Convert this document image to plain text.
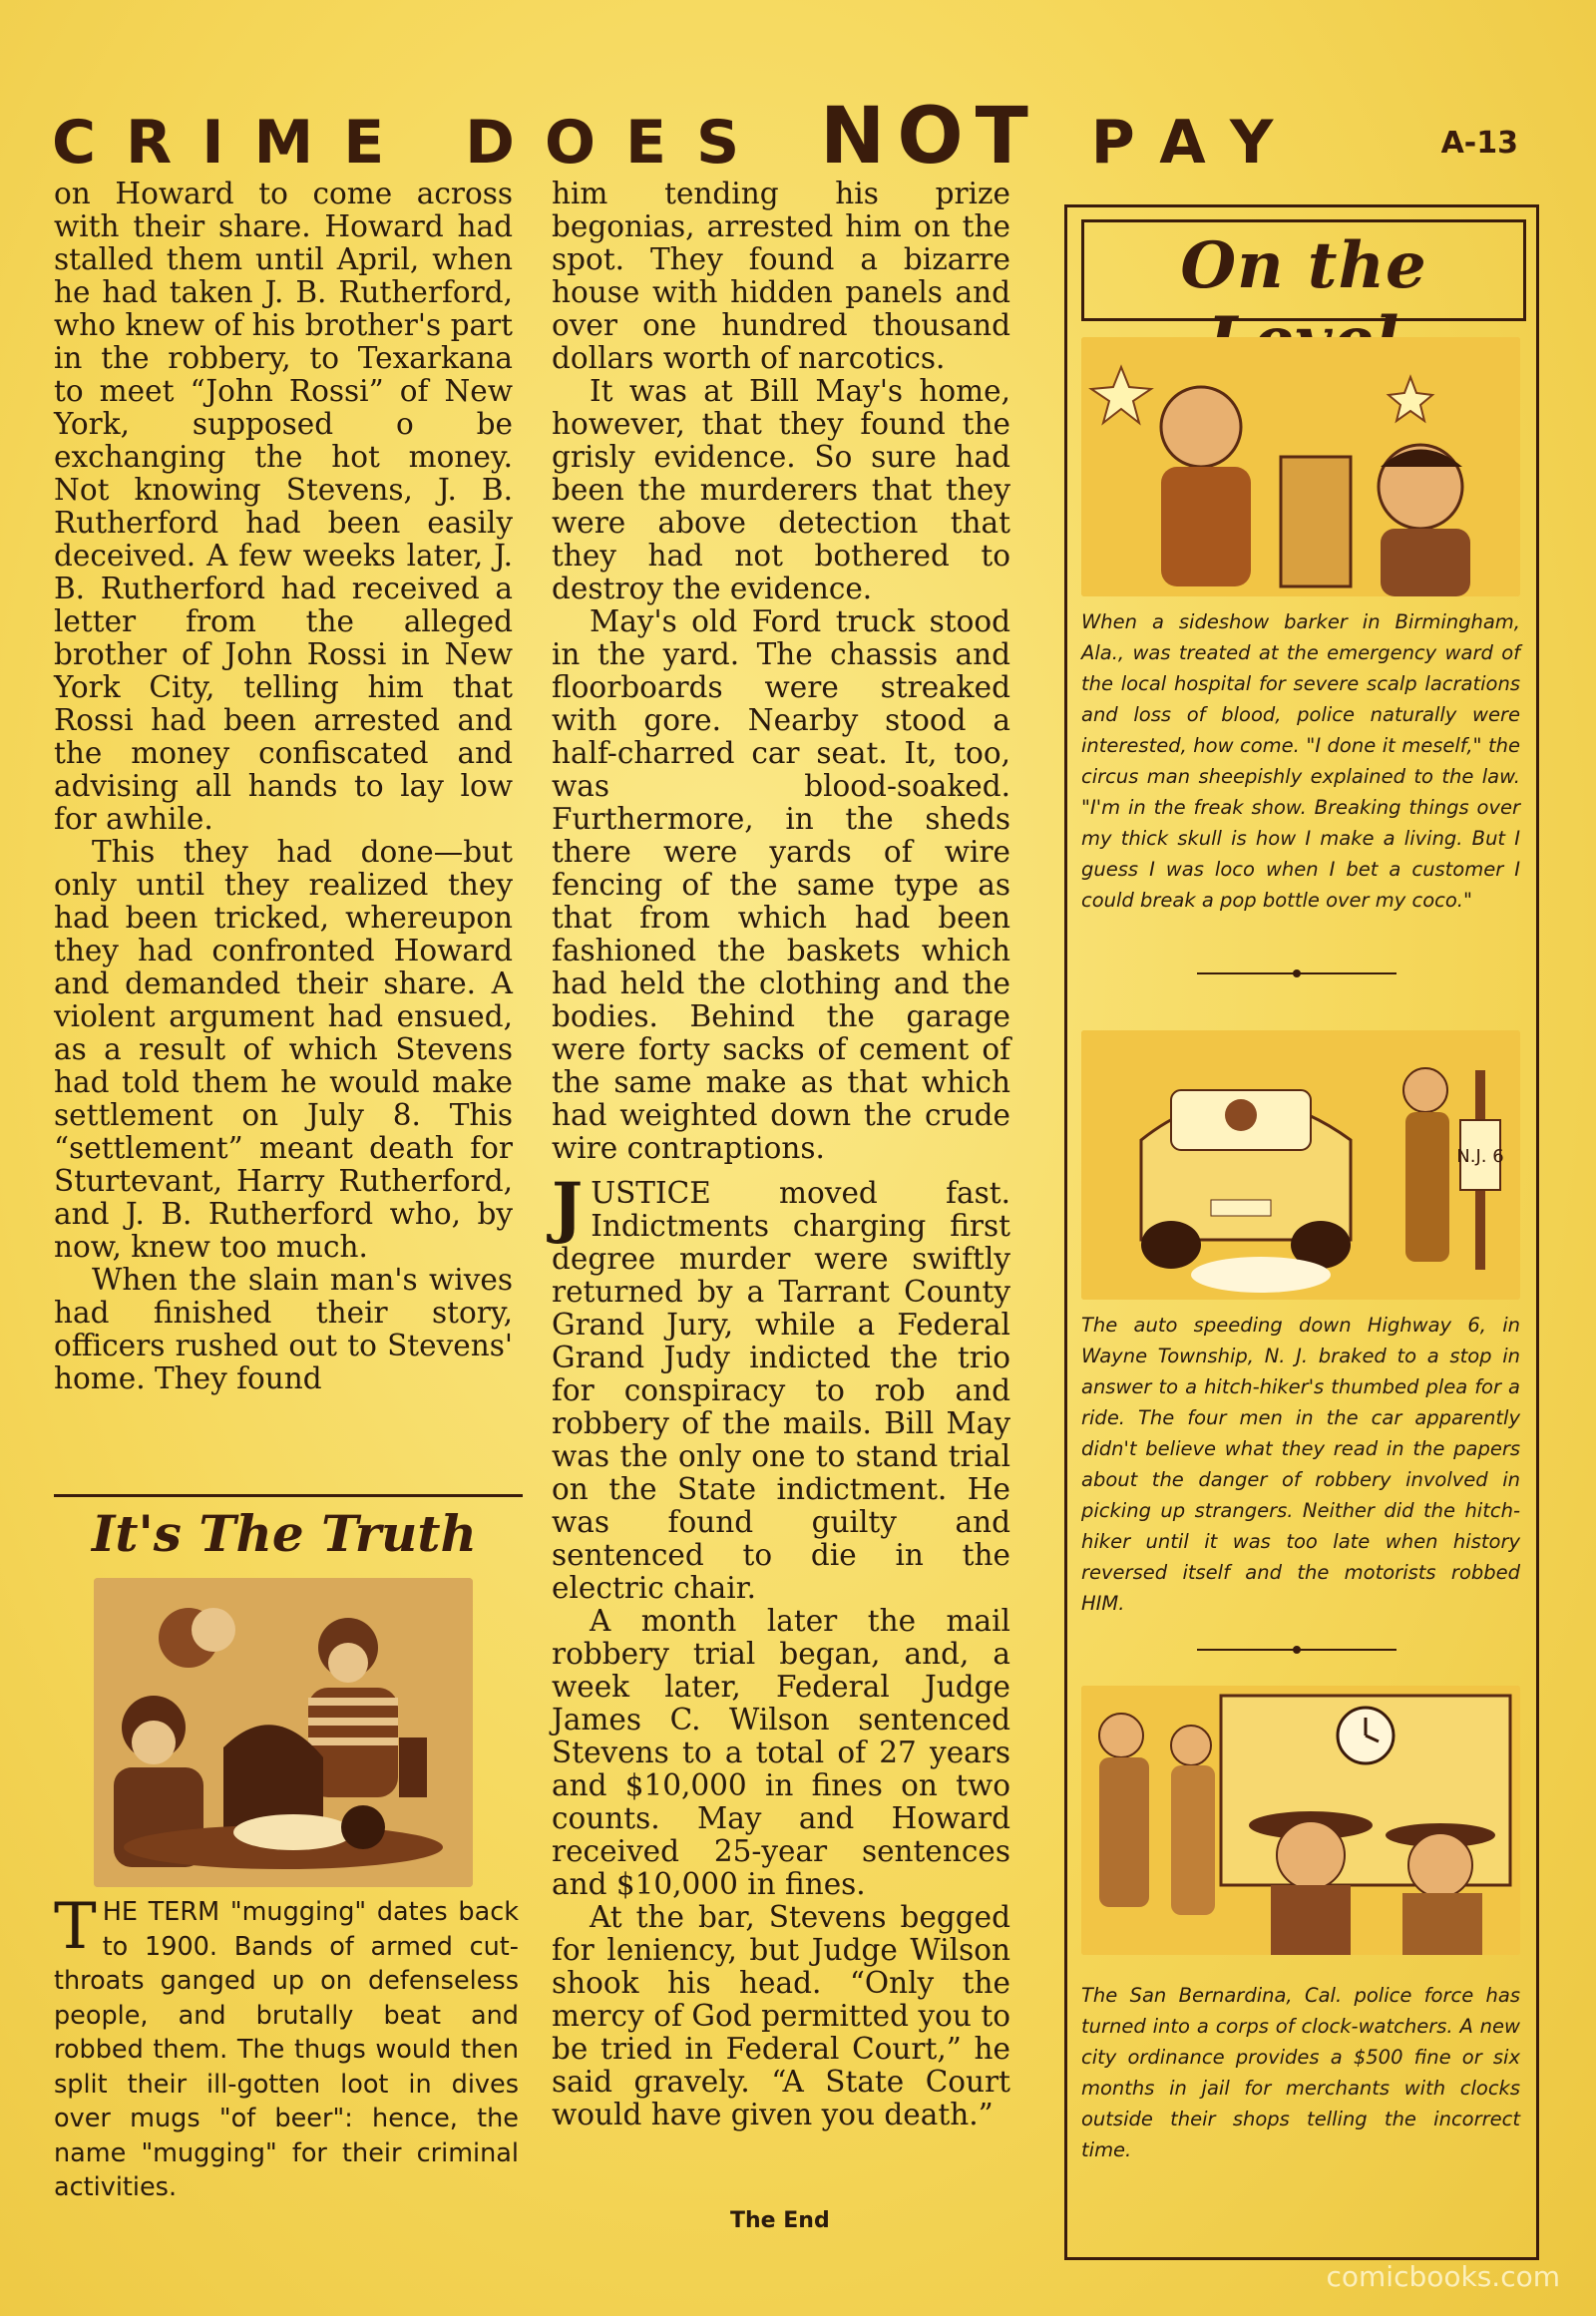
CRIME DOES NOT PAY	A-13

on Howard to come across with their share. Howard had stalled them until April, when he had taken J. B. Rutherford, who knew of his brother's part in the robbery, to Texarkana to meet “John Rossi” of New York, supposed o be exchanging the hot money. Not knowing Stevens, J. B. Rutherford had been easily deceived. A few weeks later, J. B. Rutherford had received a letter from the alleged brother of John Rossi in New York City, telling him that Rossi had been arrested and the money confiscated and advising all hands to lay low for awhile.

This they had done—but only until they realized they had been tricked, whereupon they had confronted Howard and demanded their share. A violent argument had ensued, as a result of which Stevens had told them he would make settlement on July 8. This “settlement” meant death for Sturtevant, Harry Rutherford, and J. B. Rutherford who, by now, knew too much.

When the slain man's wives had finished their story, officers rushed out to Stevens' home. They found

him tending his prize begonias, arrested him on the spot. They found a bizarre house with hidden panels and over one hundred thousand dollars worth of narcotics.

It was at Bill May's home, however, that they found the grisly evidence. So sure had been the murderers that they were above detection that they had not bothered to destroy the evidence.

May's old Ford truck stood in the yard. The chassis and floorboards were streaked with gore. Nearby stood a half-charred car seat. It, too, was blood-soaked. Furthermore, in the sheds there were yards of wire fencing of the same type as that from which had been fashioned the baskets which had held the clothing and the bodies. Behind the garage were forty sacks of cement of the same make as that which had weighted down the crude wire contraptions.

JUSTICE moved fast. Indictments charging first degree murder were swiftly returned by a Tarrant County Grand Jury, while a Federal Grand Judy indicted the trio for conspiracy to rob and robbery of the mails. Bill May was the only one to stand trial on the State indictment. He was found guilty and sentenced to die in the electric chair.

A month later the mail robbery trial began, and, a week later, Federal Judge James C. Wilson sentenced Stevens to a total of 27 years and $10,000 in fines on two counts. May and Howard received 25-year sentences and $10,000 in fines.

At the bar, Stevens begged for leniency, but Judge Wilson shook his head. “Only the mercy of God permitted you to be tried in Federal Court,” he said gravely. “A State Court would have given you death.”

The End
It's The Truth
THE TERM "mugging" dates back to 1900. Bands of armed cut-throats ganged up on defenseless people, and brutally beat and robbed them. The thugs would then split their ill-gotten loot in dives over mugs "of beer": hence, the name "mugging" for their criminal activities.
On the
When a sideshow barker in Birmingham, Ala., was treated at the emergency ward of the local hospital for severe scalp lacrations and loss of blood, police naturally were interested, how come. "I done it meself," the circus man sheepishly explained to the law. "I'm in the freak show. Breaking things over my thick skull is how I make a living. But I guess I was loco when I bet a customer I could break a pop bottle over my coco."
N.J. 6
The auto speeding down Highway 6, in Wayne Township, N. J. braked to a stop in answer to a hitch-hiker's thumbed plea for a ride. The four men in the car apparently didn't believe what they read in the papers about the danger of robbery involved in picking up strangers. Neither did the hitch-hiker until it was too late when history reversed itself and the motorists robbed HIM.
The San Bernardina, Cal. police force has turned into a corps of clock-watchers. A new city ordinance provides a $500 fine or six months in jail for merchants with clocks outside their shops telling the incorrect time.
comicbooks.com
